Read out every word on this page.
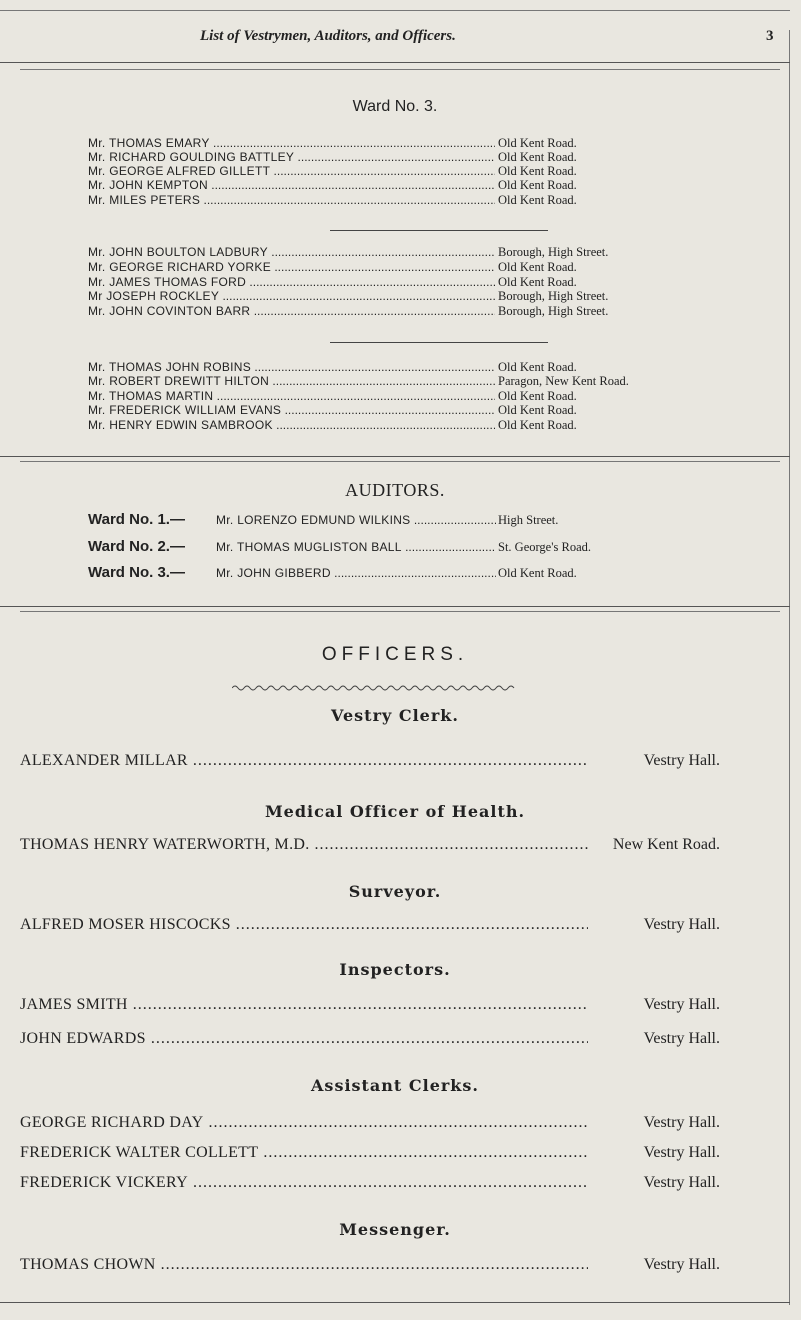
List of Vestrymen, Auditors, and Officers.	3
Ward No. 3.
Mr. THOMAS EMARY .....	Old Kent Road.
Mr. RICHARD GOULDING BATTLEY .....	Old Kent Road.
Mr. GEORGE ALFRED GILLETT .....	Old Kent Road.
Mr. JOHN KEMPTON .....	Old Kent Road.
Mr. MILES PETERS .....	Old Kent Road.
Mr. JOHN BOULTON LADBURY .....	Borough, High Street.
Mr. GEORGE RICHARD YORKE .....	Old Kent Road.
Mr. JAMES THOMAS FORD .....	Old Kent Road.
Mr JOSEPH ROCKLEY .....	Borough, High Street.
Mr. JOHN COVINTON BARR .....	Borough, High Street.
Mr. THOMAS JOHN ROBINS .....	Old Kent Road.
Mr. ROBERT DREWITT HILTON .....	Paragon, New Kent Road.
Mr. THOMAS MARTIN .....	Old Kent Road.
Mr. FREDERICK WILLIAM EVANS .....	Old Kent Road.
Mr. HENRY EDWIN SAMBROOK .....	Old Kent Road.
AUDITORS.
Ward No. 1.—	Mr. LORENZO EDMUND WILKINS .....	High Street.
Ward No. 2.—	Mr. THOMAS MUGLISTON BALL .....	St. George's Road.
Ward No. 3.—	Mr. JOHN GIBBERD .....	Old Kent Road.
OFFICERS.
Vestry Clerk.
ALEXANDER MILLAR .....	Vestry Hall.
Medical Officer of Health.
THOMAS HENRY WATERWORTH, M.D. .....	New Kent Road.
Surveyor.
ALFRED MOSER HISCOCKS .....	Vestry Hall.
Inspectors.
JAMES SMITH .....	Vestry Hall.
JOHN EDWARDS .....	Vestry Hall.
Assistant Clerks.
GEORGE RICHARD DAY .....	Vestry Hall.
FREDERICK WALTER COLLETT .....	Vestry Hall.
FREDERICK VICKERY .....	Vestry Hall.
Messenger.
THOMAS CHOWN .....	Vestry Hall.
